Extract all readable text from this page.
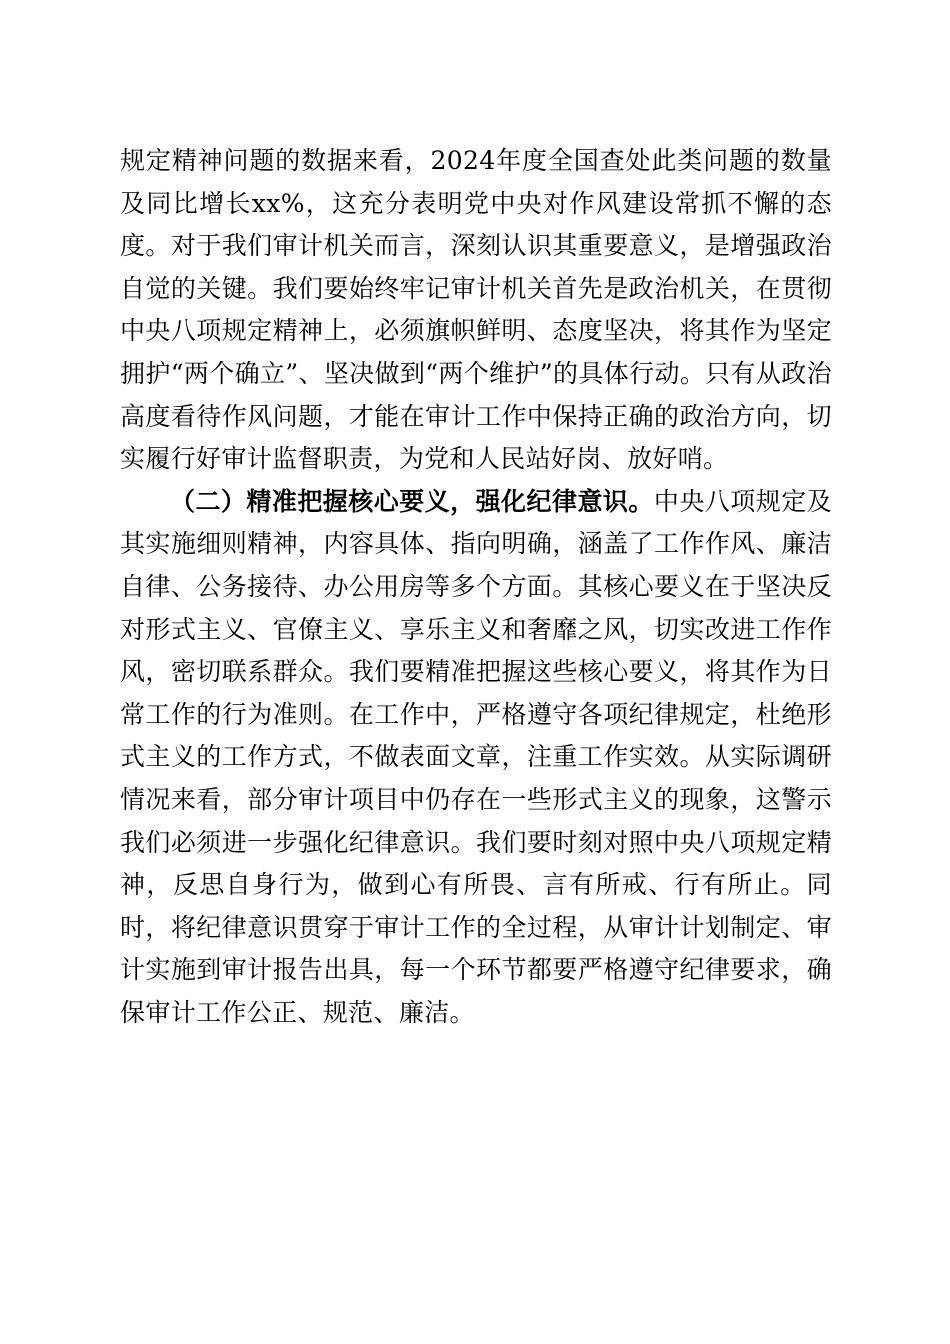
规定精神问题的数据来看，2024年度全国查处此类问题的数量及同比增长xx%，这充分表明党中央对作风建设常抓不懈的态度。对于我们审计机关而言，深刻认识其重要意义，是增强政治自觉的关键。我们要始终牢记审计机关首先是政治机关，在贯彻中央八项规定精神上，必须旗帜鲜明、态度坚决，将其作为坚定拥护“两个确立”、坚决做到“两个维护”的具体行动。只有从政治高度看待作风问题，才能在审计工作中保持正确的政治方向，切实履行好审计监督职责，为党和人民站好岗、放好哨。

（二）精准把握核心要义，强化纪律意识。中央八项规定及其实施细则精神，内容具体、指向明确，涵盖了工作作风、廉洁自律、公务接待、办公用房等多个方面。其核心要义在于坚决反对形式主义、官僚主义、享乐主义和奢靡之风，切实改进工作作风，密切联系群众。我们要精准把握这些核心要义，将其作为日常工作的行为准则。在工作中，严格遵守各项纪律规定，杜绝形式主义的工作方式，不做表面文章，注重工作实效。从实际调研情况来看，部分审计项目中仍存在一些形式主义的现象，这警示我们必须进一步强化纪律意识。我们要时刻对照中央八项规定精神，反思自身行为，做到心有所畏、言有所戒、行有所止。同时，将纪律意识贯穿于审计工作的全过程，从审计计划制定、审计实施到审计报告出具，每一个环节都要严格遵守纪律要求，确保审计工作公正、规范、廉洁。
